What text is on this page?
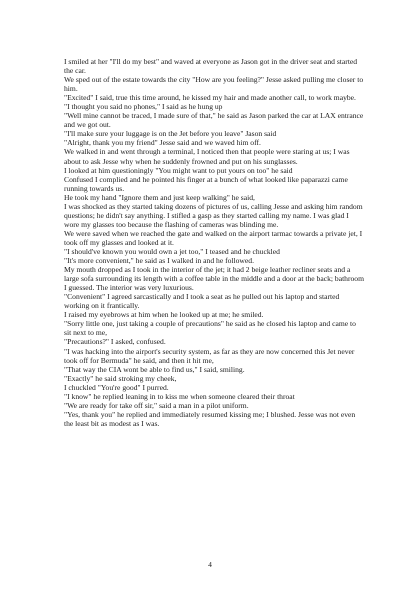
I smiled at her "I'll do my best" and waved at everyone as Jason got in the driver seat and started the car.

We sped out of the estate towards the city "How are you feeling?" Jesse asked pulling me closer to him.

"Excited" I said, true this time around, he kissed my hair and made another call, to work maybe.

"I thought you said no phones," I said as he hung up

"Well mine cannot be traced, I made sure of that," he said as Jason parked the car at LAX entrance and we got out.

"I'll make sure your luggage is on the Jet before you leave" Jason said

"Alright, thank you my friend" Jesse said and we waved him off.

We walked in and went through a terminal, I noticed then that people were staring at us; I was about to ask Jesse why when he suddenly frowned and put on his sunglasses.

I looked at him questioningly "You might want to put yours on too" he said

Confused I complied and he pointed his finger at a bunch of what looked like paparazzi came running towards us.

He took my hand "Ignore them and just keep walking" he said,

I was shocked as they started taking dozens of pictures of us, calling Jesse and asking him random questions; he didn't say anything. I stifled a gasp as they started calling my name. I was glad I wore my glasses too because the flashing of cameras was blinding me.

We were saved when we reached the gate and walked on the airport tarmac towards a private jet, I took off my glasses and looked at it.

"I should've known you would own a jet too," I teased and he chuckled

"It's more convenient," he said as I walked in and he followed.

My mouth dropped as I took in the interior of the jet; it had 2 beige leather recliner seats and a large sofa surrounding its length with a coffee table in the middle and a door at the back; bathroom I guessed. The interior was very luxurious.

"Convenient" I agreed sarcastically and I took a seat as he pulled out his laptop and started working on it frantically.

I raised my eyebrows at him when he looked up at me; he smiled.

"Sorry little one, just taking a couple of precautions" he said as he closed his laptop and came to sit next to me,

"Precautions?" I asked, confused.

"I was hacking into the airport's security system, as far as they are now concerned this Jet never took off for Bermuda" he said, and then it hit me,

"That way the CIA wont be able to find us," I said, smiling.

"Exactly" he said stroking my cheek,

I chuckled "You're good" I purred.

"I know" he replied leaning in to kiss me when someone cleared their throat

"We are ready for take off sir," said a man in a pilot uniform.

"Yes, thank you" he replied and immediately resumed kissing me; I blushed. Jesse was not even the least bit as modest as I was.

4
